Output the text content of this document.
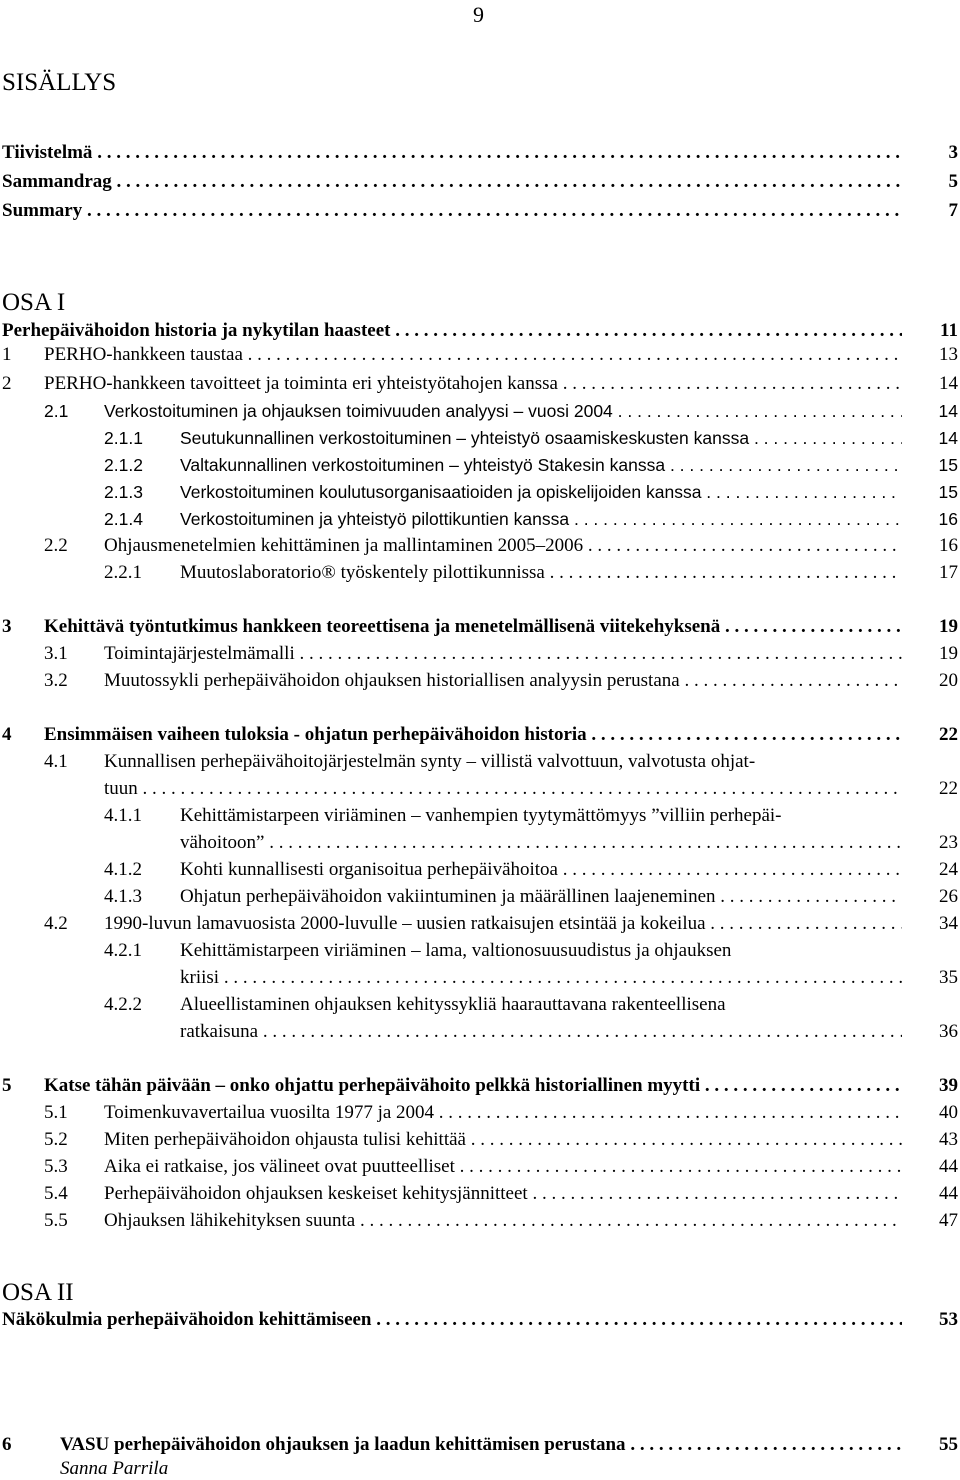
9
SISÄLLYS
Tiivistelmä . . .	3
Sammandrag . . .	5
Summary . . .	7
OSA I
Perhepäivähoidon historia ja nykytilan haasteet . . .	11
1 PERHO-hankkeen taustaa . . .	13
2 PERHO-hankkeen tavoitteet ja toiminta eri yhteistyötahojen kanssa . . .	14
2.1 Verkostoituminen ja ohjauksen toimivuuden analyysi – vuosi 2004 . . .	14
2.1.1 Seutukunnallinen verkostoituminen – yhteistyö osaamiskeskusten kanssa . . .	14
2.1.2 Valtakunnallinen verkostoituminen – yhteistyö Stakesin kanssa . . .	15
2.1.3 Verkostoituminen koulutusorganisaatioiden ja opiskelijoiden kanssa . . .	15
2.1.4 Verkostoituminen ja yhteistyö pilottikuntien kanssa . . .	16
2.2 Ohjausmenetelmien kehittäminen ja mallintaminen 2005–2006 . . .	16
2.2.1 Muutoslaboratorio® työskentely pilottikunnissa . . .	17
3 Kehittävä työntutkimus hankkeen teoreettisena ja menetelmällisenä viitekehyksenä . . .	19
3.1 Toimintajärjestelmämalli . . .	19
3.2 Muutossykli perhepäivähoidon ohjauksen historiallisen analyysin perustana . . .	20
4 Ensimmäisen vaiheen tuloksia - ohjatun perhepäivähoidon historia . . .	22
4.1 Kunnallisen perhepäivähoitojärjestelmän synty – villistä valvottuun, valvotusta ohjat-
tuun . . .	22
4.1.1 Kehittämistarpeen viriäminen – vanhempien tyytymättömyys ”villiin perhepäi-
vähoitoon” . . .	23
4.1.2 Kohti kunnallisesti organisoitua perhepäivähoitoa . . .	24
4.1.3 Ohjatun perhepäivähoidon vakiintuminen ja määrällinen laajeneminen . . .	26
4.2 1990-luvun lamavuosista 2000-luvulle – uusien ratkaisujen etsintää ja kokeilua . . .	34
4.2.1 Kehittämistarpeen viriäminen – lama, valtionosuusuudistus ja ohjauksen
kriisi . . .	35
4.2.2 Alueellistaminen ohjauksen kehityssykliä haarauttavana rakenteellisena
ratkaisuna . . .	36
5 Katse tähän päivään – onko ohjattu perhepäivähoito pelkkä historiallinen myytti . . .	39
5.1 Toimenkuvavertailua vuosilta 1977 ja 2004 . . .	40
5.2 Miten perhepäivähoidon ohjausta tulisi kehittää . . .	43
5.3 Aika ei ratkaise, jos välineet ovat puutteelliset . . .	44
5.4 Perhepäivähoidon ohjauksen keskeiset kehitysjännitteet . . .	44
5.5 Ohjauksen lähikehityksen suunta . . .	47
OSA II
Näkökulmia perhepäivähoidon kehittämiseen . . .	53
6	VASU perhepäivähoidon ohjauksen ja laadun kehittämisen perustana . . .	55
Sanna Parrila
